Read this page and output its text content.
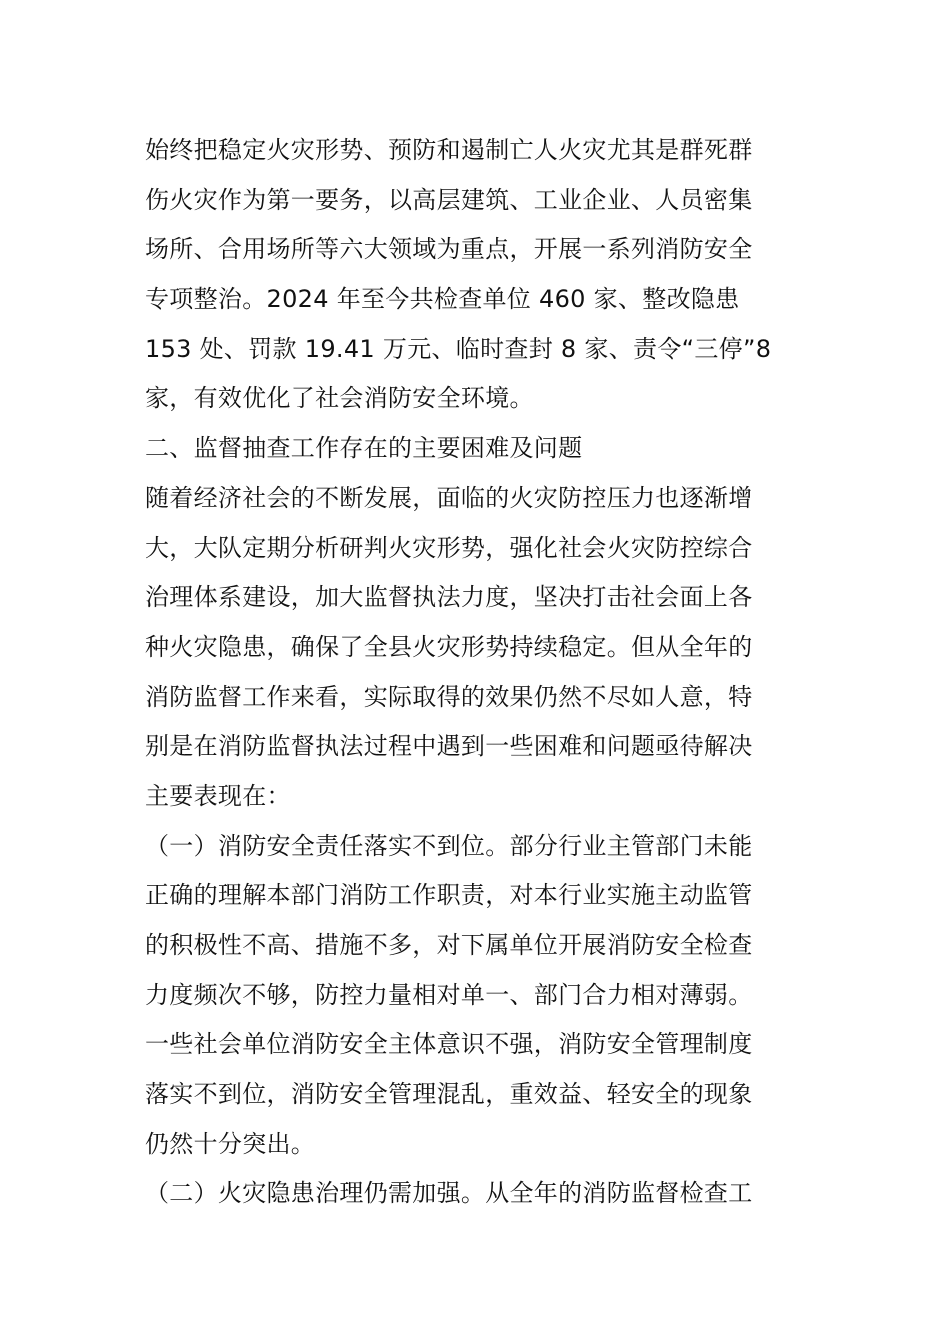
始终把稳定火灾形势、预防和遏制亡人火灾尤其是群死群
伤火灾作为第一要务，以高层建筑、工业企业、人员密集
场所、合用场所等六大领域为重点，开展一系列消防安全
专项整治。2024 年至今共检查单位 460 家、整改隐患
153 处、罚款 19.41 万元、临时查封 8 家、责令“三停”8
家，有效优化了社会消防安全环境。
二、监督抽查工作存在的主要困难及问题
随着经济社会的不断发展，面临的火灾防控压力也逐渐增
大，大队定期分析研判火灾形势，强化社会火灾防控综合
治理体系建设，加大监督执法力度，坚决打击社会面上各
种火灾隐患，确保了全县火灾形势持续稳定。但从全年的
消防监督工作来看，实际取得的效果仍然不尽如人意，特
别是在消防监督执法过程中遇到一些困难和问题亟待解决
主要表现在：
（一）消防安全责任落实不到位。部分行业主管部门未能
正确的理解本部门消防工作职责，对本行业实施主动监管
的积极性不高、措施不多，对下属单位开展消防安全检查
力度频次不够，防控力量相对单一、部门合力相对薄弱。
一些社会单位消防安全主体意识不强，消防安全管理制度
落实不到位，消防安全管理混乱，重效益、轻安全的现象
仍然十分突出。
（二）火灾隐患治理仍需加强。从全年的消防监督检查工
